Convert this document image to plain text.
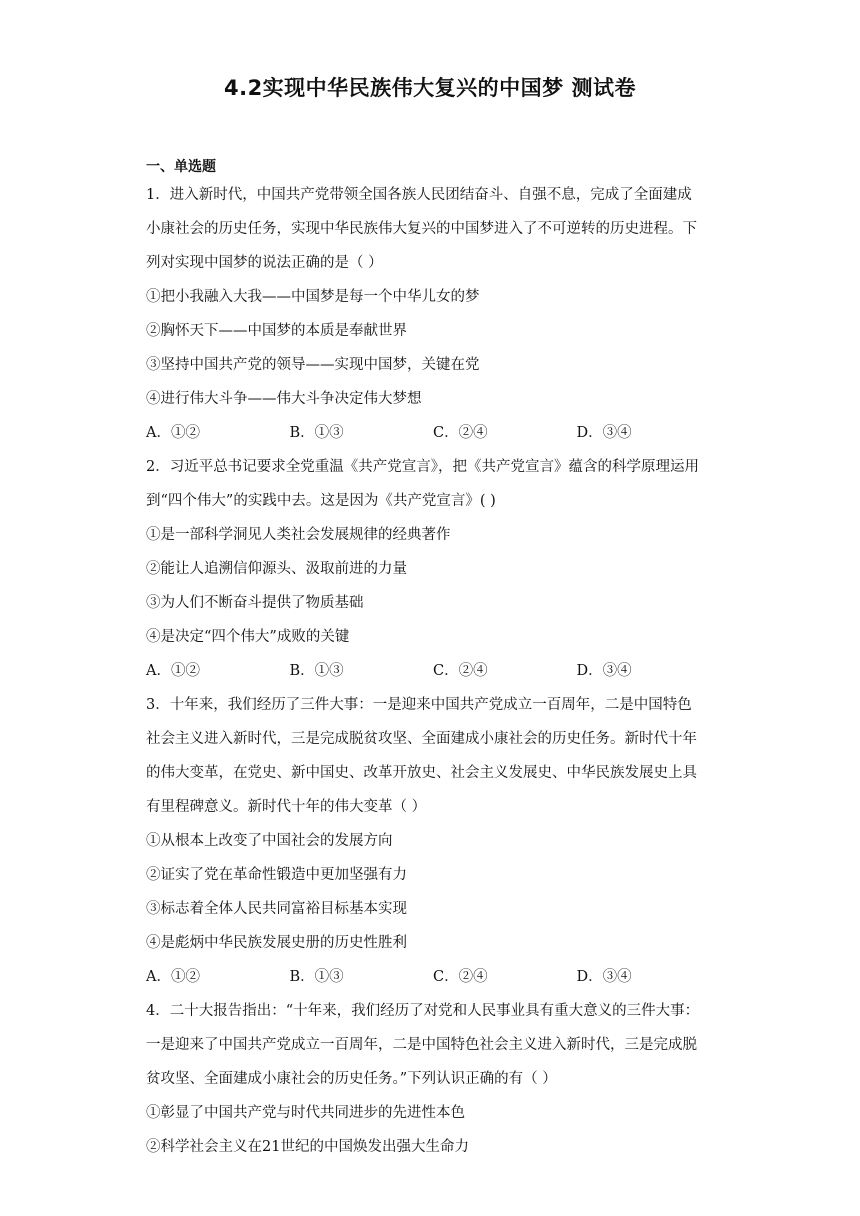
4.2实现中华民族伟大复兴的中国梦 测试卷
一、单选题
1．进入新时代，中国共产党带领全国各族人民团结奋斗、自强不息，完成了全面建成
小康社会的历史任务，实现中华民族伟大复兴的中国梦进入了不可逆转的历史进程。下
列对实现中国梦的说法正确的是（ ）
①把小我融入大我——中国梦是每一个中华儿女的梦
②胸怀天下——中国梦的本质是奉献世界
③坚持中国共产党的领导——实现中国梦，关键在党
④进行伟大斗争——伟大斗争决定伟大梦想
A．①②	B．①③	C．②④	D．③④
2．习近平总书记要求全党重温《共产党宣言》，把《共产党宣言》蕴含的科学原理运用
到“四个伟大”的实践中去。这是因为《共产党宣言》( )
①是一部科学洞见人类社会发展规律的经典著作
②能让人追溯信仰源头、汲取前进的力量
③为人们不断奋斗提供了物质基础
④是决定“四个伟大”成败的关键
A．①②	B．①③	C．②④	D．③④
3．十年来，我们经历了三件大事：一是迎来中国共产党成立一百周年，二是中国特色
社会主义进入新时代，三是完成脱贫攻坚、全面建成小康社会的历史任务。新时代十年
的伟大变革，在党史、新中国史、改革开放史、社会主义发展史、中华民族发展史上具
有里程碑意义。新时代十年的伟大变革（ ）
①从根本上改变了中国社会的发展方向
②证实了党在革命性锻造中更加坚强有力
③标志着全体人民共同富裕目标基本实现
④是彪炳中华民族发展史册的历史性胜利
A．①②	B．①③	C．②④	D．③④
4．二十大报告指出：“十年来，我们经历了对党和人民事业具有重大意义的三件大事：
一是迎来了中国共产党成立一百周年，二是中国特色社会主义进入新时代，三是完成脱
贫攻坚、全面建成小康社会的历史任务。”下列认识正确的有（ ）
①彰显了中国共产党与时代共同进步的先进性本色
②科学社会主义在21世纪的中国焕发出强大生命力
